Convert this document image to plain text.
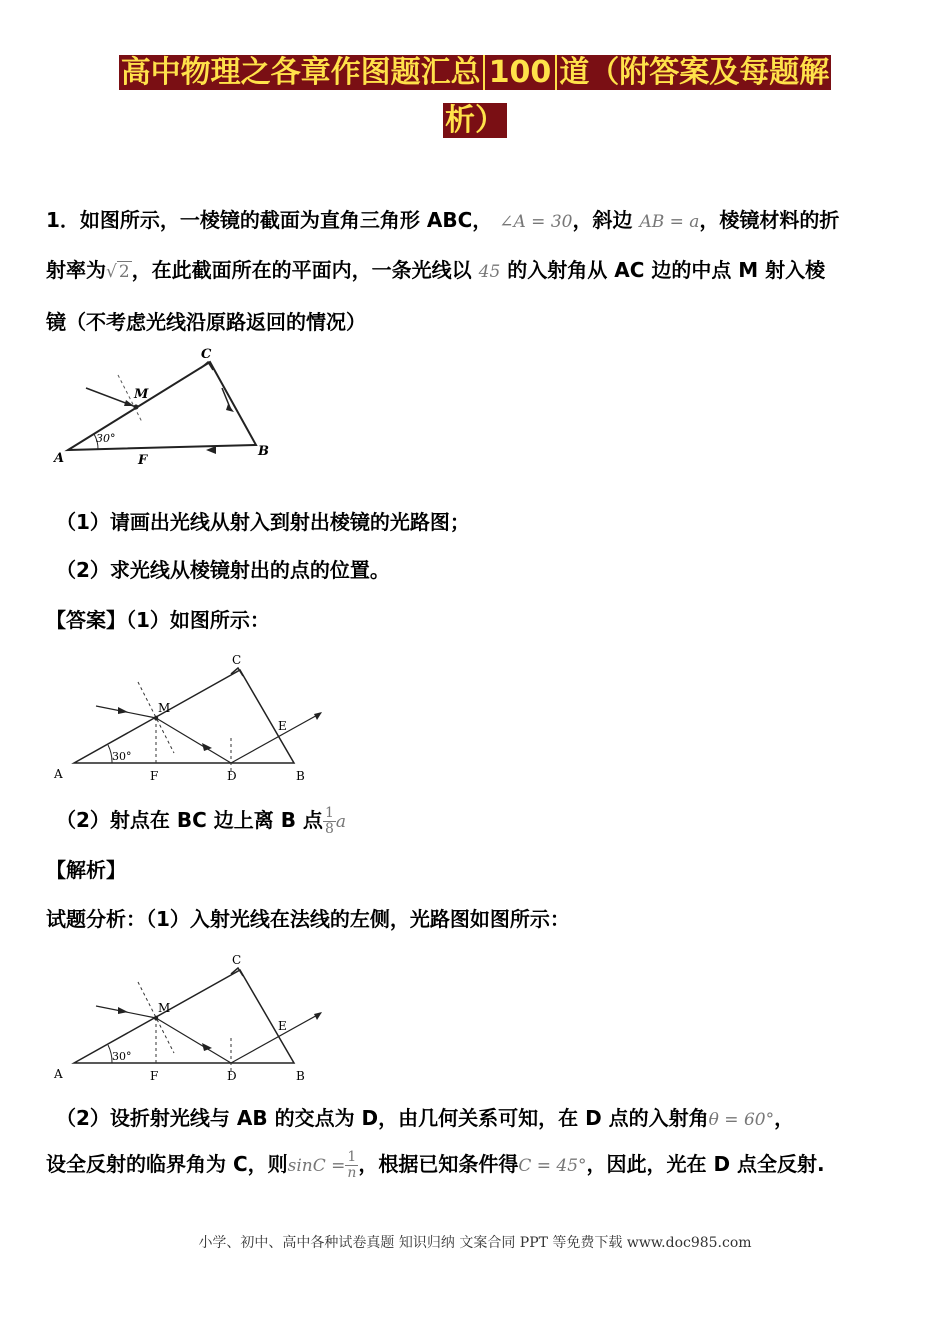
高中物理之各章作图题汇总 100 道（附答案及每题解
析）
1．如图所示，一棱镜的截面为直角三角形 ABC， ∠A = 30，斜边 AB = a，棱镜材料的折
射率为√ 2 ，在此截面所在的平面内，一条光线以 45 的入射角从 AC 边的中点 M 射入棱
镜（不考虑光线沿原路返回的情况）
30°
A	F
B
C
M
（1）请画出光线从射入到射出棱镜的光路图；
（2）求光线从棱镜射出的点的位置。
【答案】（1）如图所示：
30°
A	F	D	B
C
M
E
（2）射点在 BC 边上离 B 点 $\frac{1}{8}$ a
【解析】
试题分析：（1）入射光线在法线的左侧，光路图如图所示：
30°
A	F	D	B
C
M
E
（2）设折射光线与 AB 的交点为 D，由几何关系可知，在 D 点的入射角θ = 60°，
设全反射的临界角为 C，则$\sin C = \frac{1}{n}$ ，根据已知条件得C = 45°，因此，光在 D 点全反射.
小学、初中、高中各种试卷真题 知识归纳 文案合同 PPT 等免费下载 www.doc985.com
